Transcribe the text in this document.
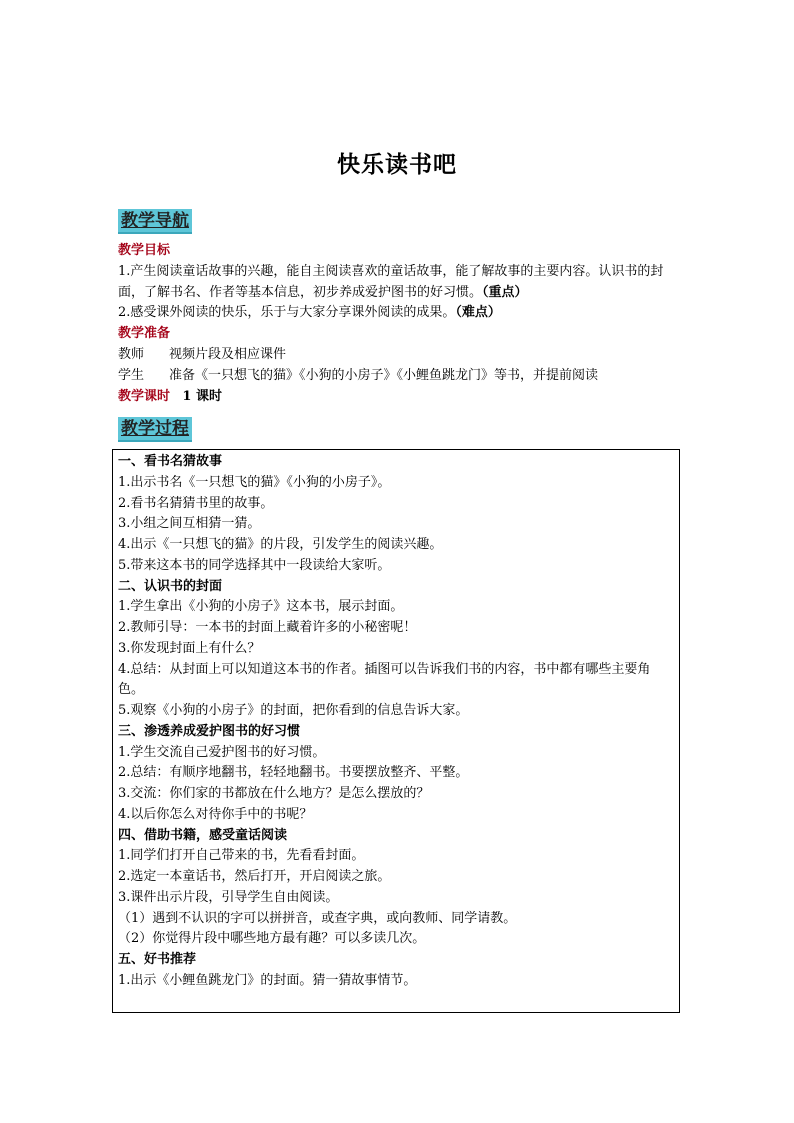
快乐读书吧
教学导航

教学目标

1.产生阅读童话故事的兴趣，能自主阅读喜欢的童话故事，能了解故事的主要内容。认识书的封面，了解书名、作者等基本信息，初步养成爱护图书的好习惯。（重点）

2.感受课外阅读的快乐，乐于与大家分享课外阅读的成果。（难点）

教学准备

教师 视频片段及相应课件

学生 准备《一只想飞的猫》《小狗的小房子》《小鲤鱼跳龙门》等书，并提前阅读

教学课时 1 课时

教学过程

一、看书名猜故事

1.出示书名《一只想飞的猫》《小狗的小房子》。

2.看书名猜猜书里的故事。

3.小组之间互相猜一猜。

4.出示《一只想飞的猫》的片段，引发学生的阅读兴趣。

5.带来这本书的同学选择其中一段读给大家听。

二、认识书的封面

1.学生拿出《小狗的小房子》这本书，展示封面。

2.教师引导：一本书的封面上藏着许多的小秘密呢！

3.你发现封面上有什么？

4.总结：从封面上可以知道这本书的作者。插图可以告诉我们书的内容，书中都有哪些主要角色。

5.观察《小狗的小房子》的封面，把你看到的信息告诉大家。

三、渗透养成爱护图书的好习惯

1.学生交流自己爱护图书的好习惯。

2.总结：有顺序地翻书，轻轻地翻书。书要摆放整齐、平整。

3.交流：你们家的书都放在什么地方？是怎么摆放的？

4.以后你怎么对待你手中的书呢？

四、借助书籍，感受童话阅读

1.同学们打开自己带来的书，先看看封面。

2.选定一本童话书，然后打开，开启阅读之旅。

3.课件出示片段，引导学生自由阅读。

（1）遇到不认识的字可以拼拼音，或查字典，或向教师、同学请教。

（2）你觉得片段中哪些地方最有趣？可以多读几次。

五、好书推荐

1.出示《小鲤鱼跳龙门》的封面。猜一猜故事情节。
